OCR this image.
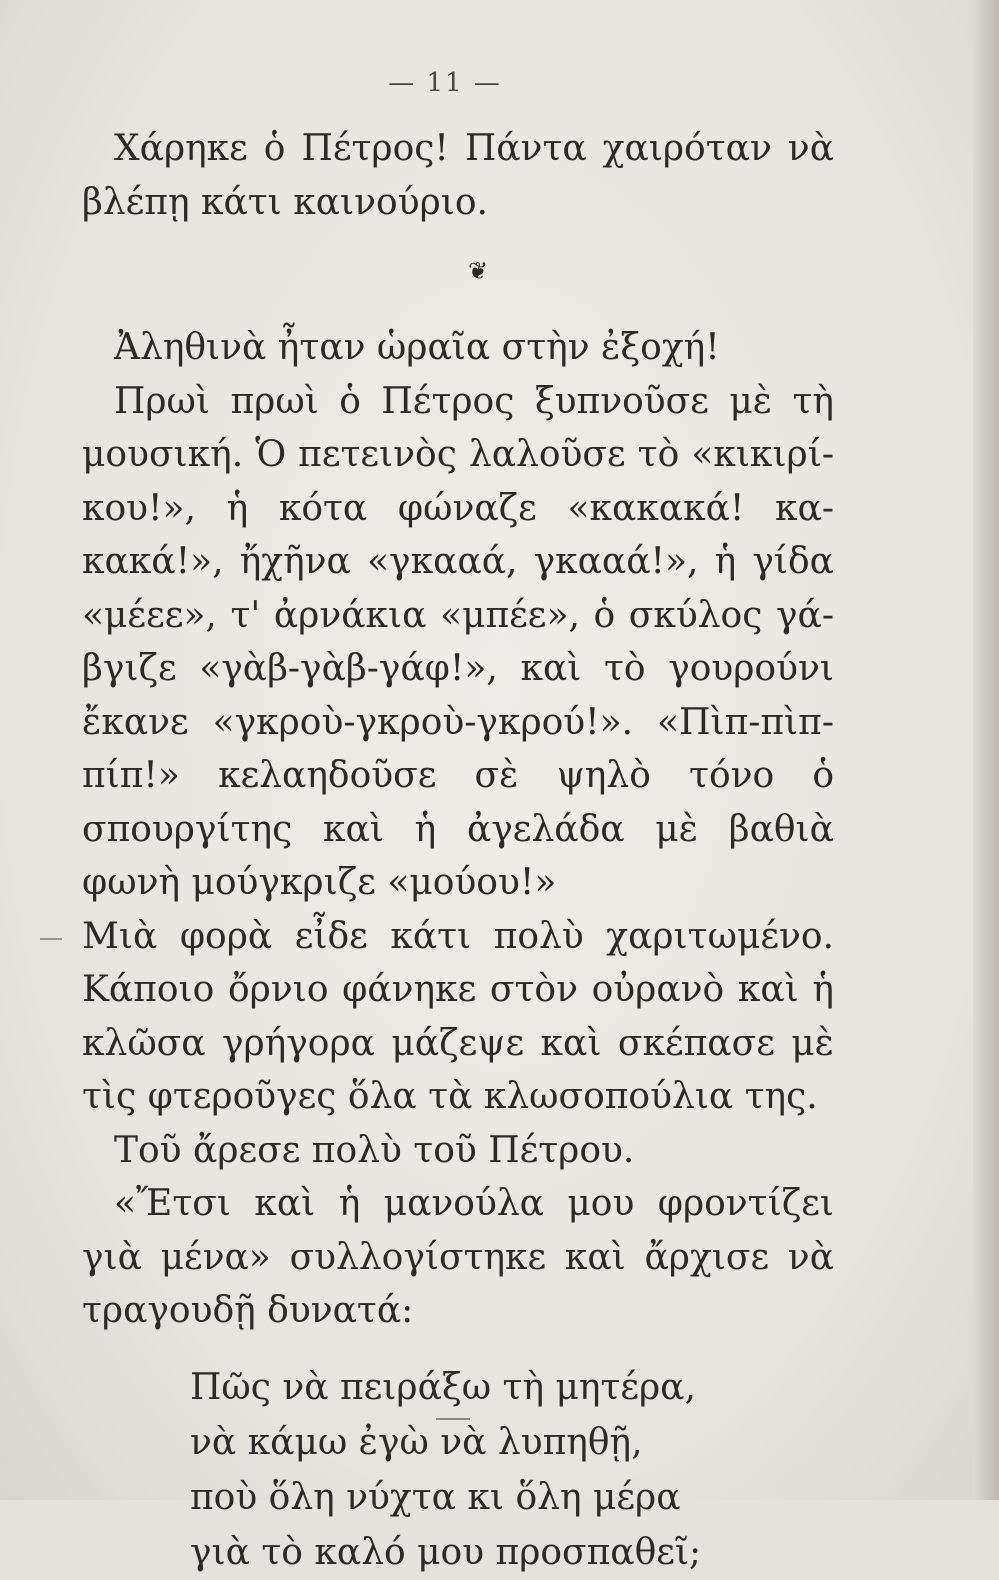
— 11 —

Χάρηκε ὁ Πέτρος! Πάντα χαιρόταν νὰ βλέπῃ κάτι καινούριο.

❦

Ἀληθινὰ ἦταν ὡραῖα στὴν ἐξοχή!

Πρωὶ πρωὶ ὁ Πέτρος ξυπνοῦσε μὲ τὴ μουσική. Ὁ πετεινὸς λαλοῦσε τὸ «κικιρίκου!», ἡ κότα φώναζε «κακακά! κακακά!», ἤχῆνα «γκααά, γκααά!», ἡ γίδα «μέεε», τ' ἀρνάκια «μπέε», ὁ σκύλος γάβγιζε «γὰβ-γὰβ-γάφ!», καὶ τὸ γουρούνι ἔκανε «γκροὺ-γκροὺ-γκρού!». «Πὶπ-πὶπ-πίπ!» κελαηδοῦσε σὲ ψηλὸ τόνο ὁ σπουργίτης καὶ ἡ ἀγελάδα μὲ βαθιὰ φωνὴ μούγκριζε «μούου!»

Μιὰ φορὰ εἶδε κάτι πολὺ χαριτωμένο. Κάποιο ὄρνιο φάνηκε στὸν οὐρανὸ καὶ ἡ κλῶσα γρήγορα μάζεψε καὶ σκέπασε μὲ τὶς φτεροῦγες ὅλα τὰ κλωσοπούλια της.

Τοῦ ἄρεσε πολὺ τοῦ Πέτρου.

«Ἔτσι καὶ ἡ μανούλα μου φροντίζει γιὰ μένα» συλλογίστηκε καὶ ἄρχισε νὰ τραγουδῇ δυνατά:

Πῶς νὰ πειράξω τὴ μητέρα,
νὰ κάμω ἐγὼ νὰ λυπηθῇ,
ποὺ ὅλη νύχτα κι ὅλη μέρα
γιὰ τὸ καλό μου προσπαθεῖ;
